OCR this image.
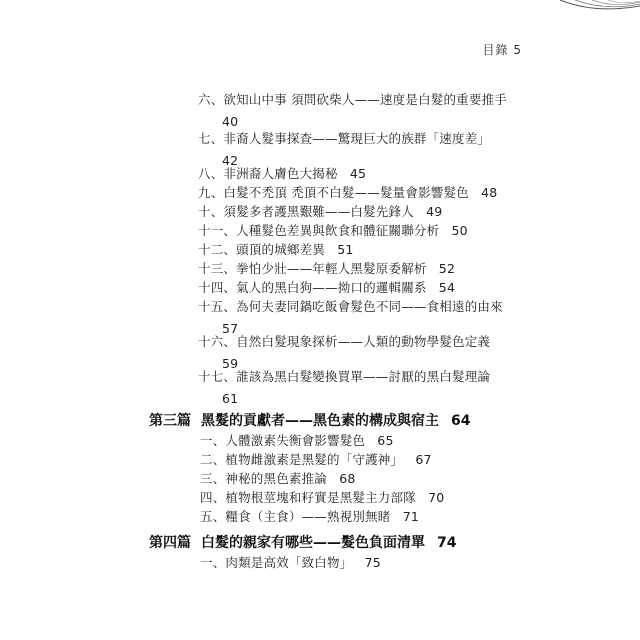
目錄 5
六、欲知山中事 須問砍柴人——速度是白髮的重要推手
40
七、非裔人髮事探查——驚現巨大的族群「速度差」
42
八、非洲裔人膚色大揭秘 45
九、白髮不禿頂 禿頂不白髮——髮量會影響髮色 48
十、須髮多者護黑艱難——白髮先鋒人 49
十一、人種髮色差異與飲食和體征關聯分析 50
十二、頭頂的城鄉差異 51
十三、拳怕少壯——年輕人黑髮原委解析 52
十四、氣人的黑白狗——拗口的邏輯關系 54
十五、為何夫妻同鍋吃飯會髮色不同——食相遠的由來
57
十六、自然白髮現象探析——人類的動物學髮色定義
59
十七、誰該為黑白髮變換買單——討厭的黑白髮理論
61
第三篇 黑髮的貢獻者——黑色素的構成與宿主 64
一、人體激素失衡會影響髮色 65
二、植物雌激素是黑髮的「守護神」 67
三、神秘的黑色素推論 68
四、植物根莖塊和籽實是黑髮主力部隊 70
五、糧食（主食）——熟視別無睹 71
第四篇 白髮的親家有哪些——髮色負面清單 74
一、肉類是高效「致白物」 75
